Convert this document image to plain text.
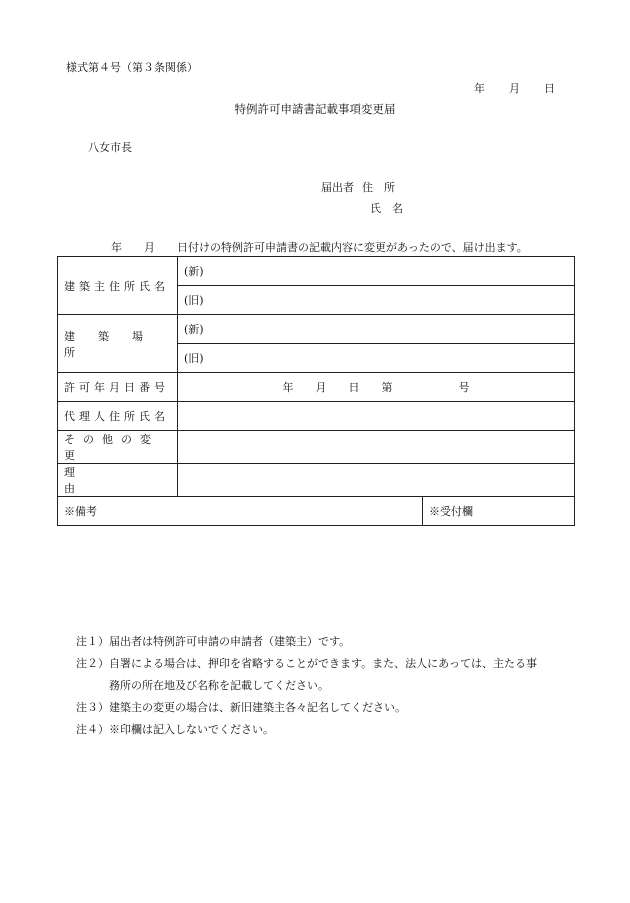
様式第４号（第３条関係）
年 月 日
特例許可申請書記載事項変更届
八女市長
届出者 住　所
氏　名
年　　月　　日付けの特例許可申請書の記載内容に変更があったので、届け出ます。
建築主住所氏名	(新)	
	(旧)	

建築場所	(新)	
	(旧)	

許可年月日番号	年　　月　　日　　第　　　　　　号	

代理人住所氏名		

その他の変更		

理由		

※備考		※受付欄
注１）届出者は特例許可申請の申請者（建築主）です。
注２）自署による場合は、押印を省略することができます。また、法人にあっては、主たる事
務所の所在地及び名称を記載してください。
注３）建築主の変更の場合は、新旧建築主各々記名してください。
注４）※印欄は記入しないでください。
